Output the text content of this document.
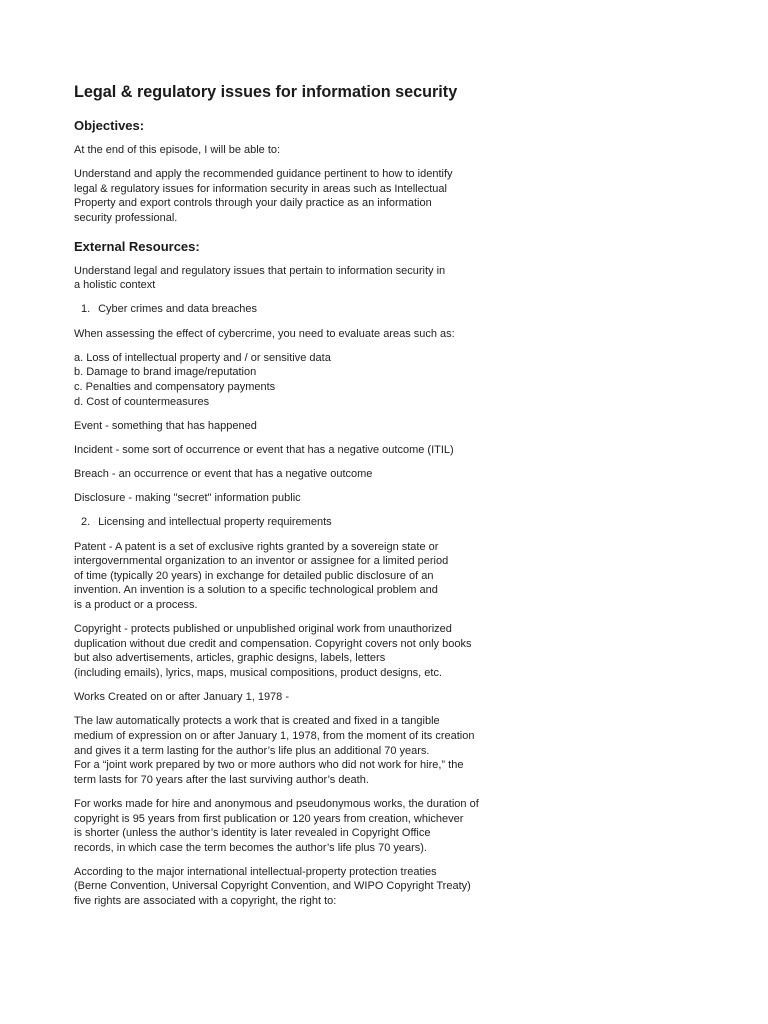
Legal & regulatory issues for information security
Objectives:
At the end of this episode, I will be able to:
Understand and apply the recommended guidance pertinent to how to identify
legal & regulatory issues for information security in areas such as Intellectual
Property and export controls through your daily practice as an information
security professional.
External Resources:
Understand legal and regulatory issues that pertain to information security in
a holistic context
1. Cyber crimes and data breaches
When assessing the effect of cybercrime, you need to evaluate areas such as:
a. Loss of intellectual property and / or sensitive data
b. Damage to brand image/reputation
c. Penalties and compensatory payments
d. Cost of countermeasures
Event - something that has happened
Incident - some sort of occurrence or event that has a negative outcome (ITIL)
Breach - an occurrence or event that has a negative outcome
Disclosure - making "secret" information public
2. Licensing and intellectual property requirements
Patent - A patent is a set of exclusive rights granted by a sovereign state or
intergovernmental organization to an inventor or assignee for a limited period
of time (typically 20 years) in exchange for detailed public disclosure of an
invention. An invention is a solution to a specific technological problem and
is a product or a process.
Copyright - protects published or unpublished original work from unauthorized
duplication without due credit and compensation. Copyright covers not only books
but also advertisements, articles, graphic designs, labels, letters
(including emails), lyrics, maps, musical compositions, product designs, etc.
Works Created on or after January 1, 1978 -
The law automatically protects a work that is created and fixed in a tangible
medium of expression on or after January 1, 1978, from the moment of its creation
and gives it a term lasting for the author’s life plus an additional 70 years.
For a “joint work prepared by two or more authors who did not work for hire,” the
term lasts for 70 years after the last surviving author’s death.
For works made for hire and anonymous and pseudonymous works, the duration of
copyright is 95 years from first publication or 120 years from creation, whichever
is shorter (unless the author’s identity is later revealed in Copyright Office
records, in which case the term becomes the author’s life plus 70 years).
According to the major international intellectual-property protection treaties
(Berne Convention, Universal Copyright Convention, and WIPO Copyright Treaty)
five rights are associated with a copyright, the right to:
